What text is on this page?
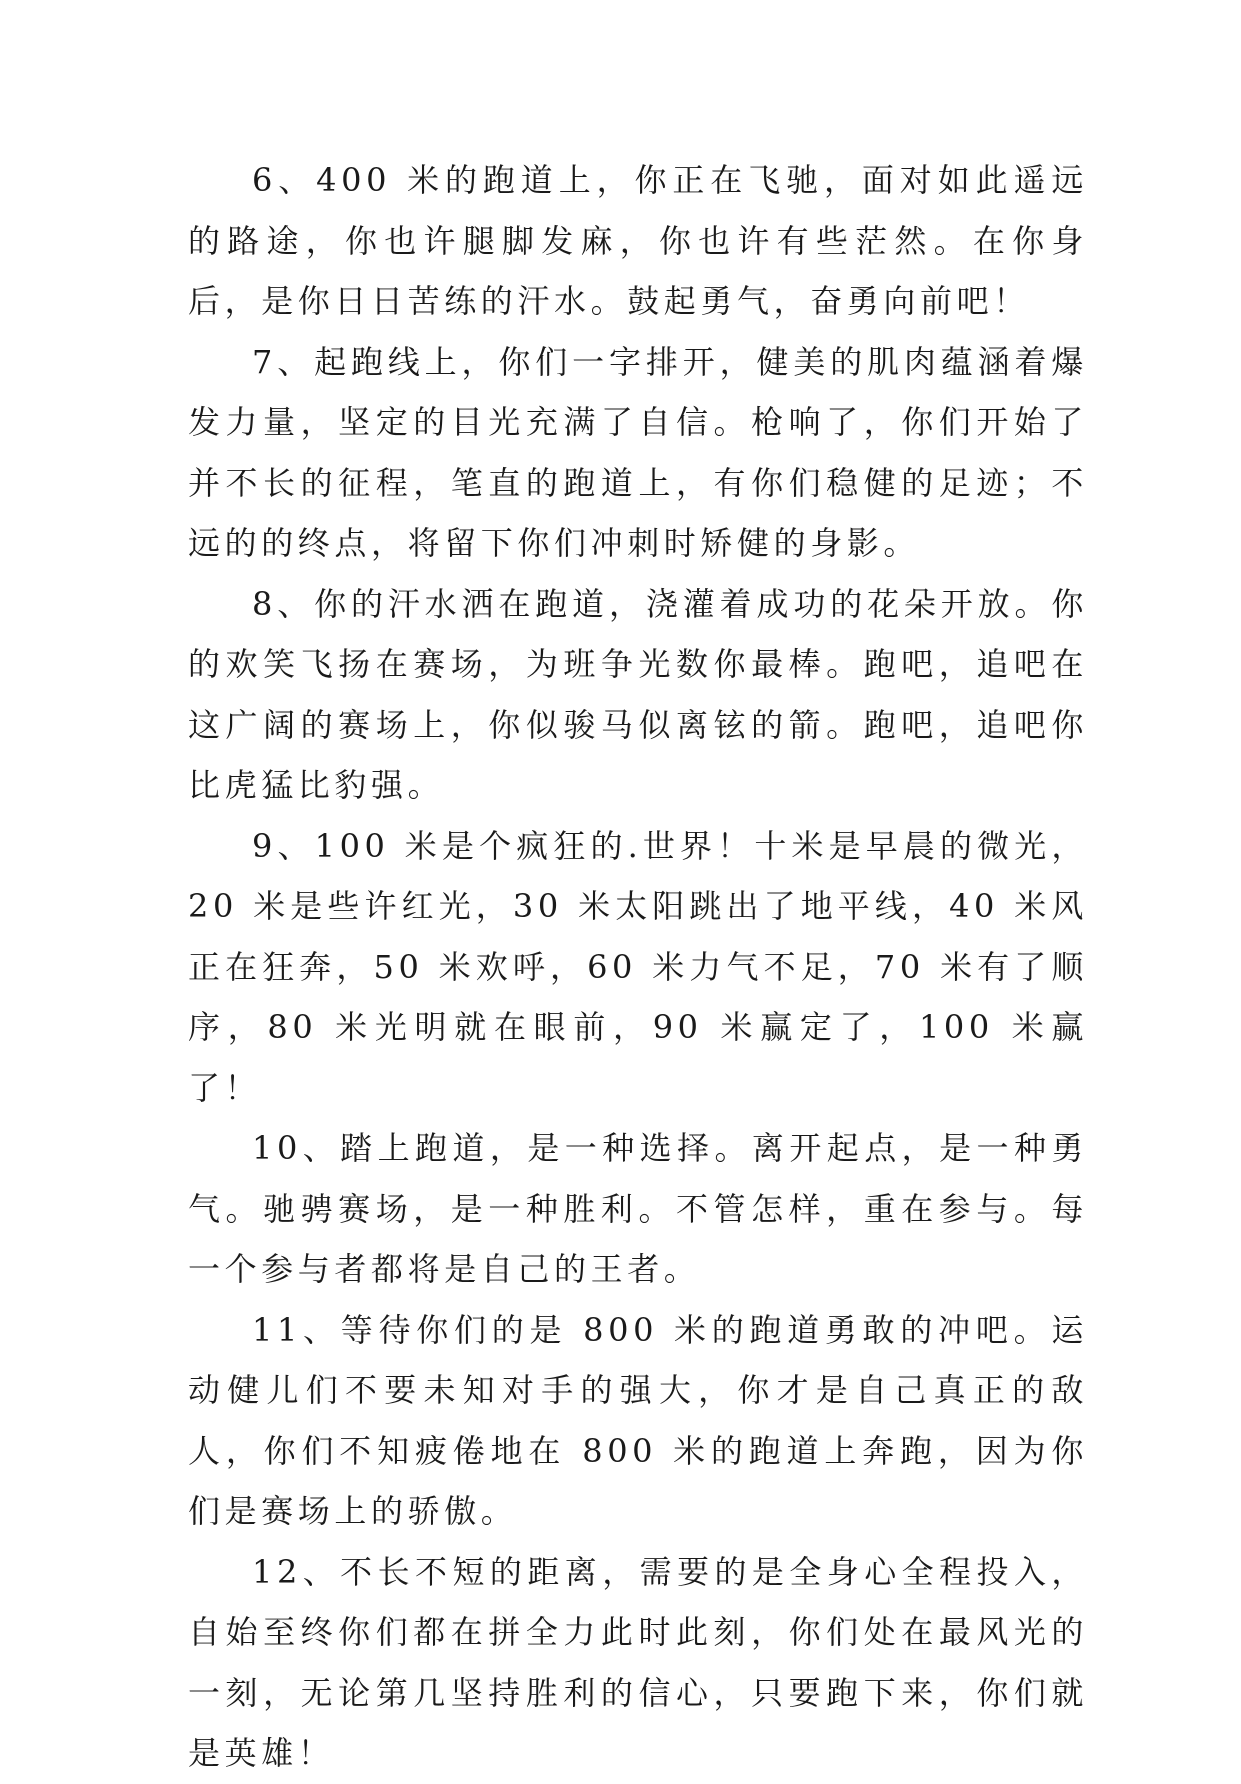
6、400 米的跑道上，你正在飞驰，面对如此遥远的路途，你也许腿脚发麻，你也许有些茫然。在你身后，是你日日苦练的汗水。鼓起勇气，奋勇向前吧！

7、起跑线上，你们一字排开，健美的肌肉蕴涵着爆发力量，坚定的目光充满了自信。枪响了，你们开始了并不长的征程，笔直的跑道上，有你们稳健的足迹；不远的的终点，将留下你们冲刺时矫健的身影。

8、你的汗水洒在跑道，浇灌着成功的花朵开放。你的欢笑飞扬在赛场，为班争光数你最棒。跑吧，追吧在这广阔的赛场上，你似骏马似离铉的箭。跑吧，追吧你比虎猛比豹强。

9、100 米是个疯狂的.世界！十米是早晨的微光，20 米是些许红光，30 米太阳跳出了地平线，40 米风正在狂奔，50 米欢呼，60 米力气不足，70 米有了顺序，80 米光明就在眼前，90 米赢定了，100 米赢了！

10、踏上跑道，是一种选择。离开起点，是一种勇气。驰骋赛场，是一种胜利。不管怎样，重在参与。每一个参与者都将是自己的王者。

11、等待你们的是 800 米的跑道勇敢的冲吧。运动健儿们不要未知对手的强大，你才是自己真正的敌人，你们不知疲倦地在 800 米的跑道上奔跑，因为你们是赛场上的骄傲。

12、不长不短的距离，需要的是全身心全程投入，自始至终你们都在拼全力此时此刻，你们处在最风光的一刻，无论第几坚持胜利的信心，只要跑下来，你们就是英雄！
